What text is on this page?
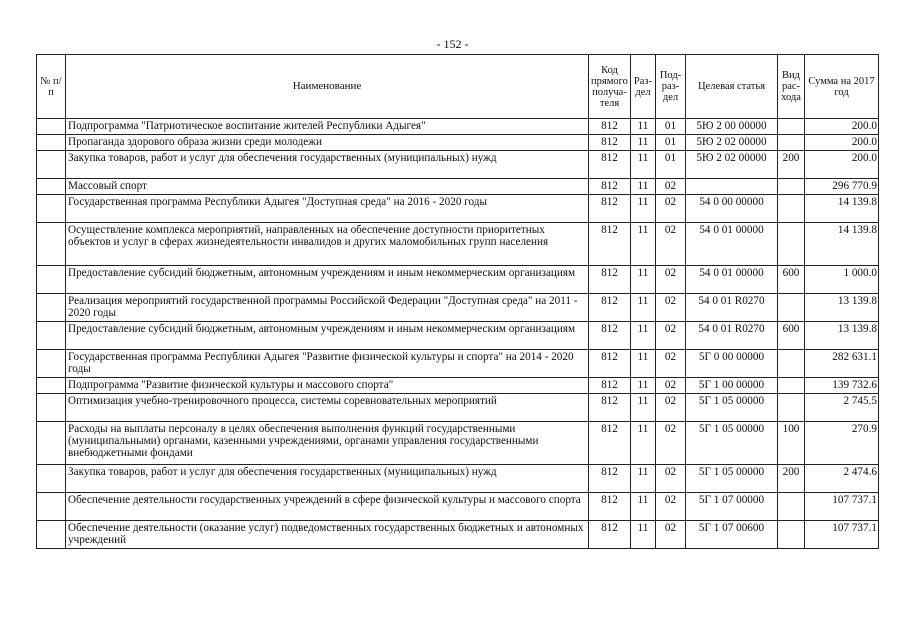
- 152 -
№ п/п	Наименование	Код прямого получа-теля	Раз-дел	Под-раз-дел	Целевая статья	Вид рас-хода	Сумма на 2017 год
	Подпрограмма "Патриотическое воспитание жителей Республики Адыгея"	812	11	01	5Ю 2 00 00000		200.0
	Пропаганда здорового образа жизни среди молодежи	812	11	01	5Ю 2 02 00000		200.0
	Закупка товаров, работ и услуг для обеспечения государственных (муниципальных) нужд	812	11	01	5Ю 2 02 00000	200	200.0
	Массовый спорт	812	11	02			296 770.9
	Государственная программа Республики Адыгея "Доступная среда" на 2016 - 2020 годы	812	11	02	54 0 00 00000		14 139.8
	Осуществление комплекса мероприятий, направленных на обеспечение доступности приоритетных объектов и услуг в сферах жизнедеятельности инвалидов и других маломобильных групп населения	812	11	02	54 0 01 00000		14 139.8
	Предоставление субсидий бюджетным, автономным учреждениям и иным некоммерческим организациям	812	11	02	54 0 01 00000	600	1 000.0
	Реализация мероприятий государственной программы Российской Федерации "Доступная среда" на 2011 - 2020 годы	812	11	02	54 0 01 R0270		13 139.8
	Предоставление субсидий бюджетным, автономным учреждениям и иным некоммерческим организациям	812	11	02	54 0 01 R0270	600	13 139.8
	Государственная программа Республики Адыгея "Развитие физической культуры и спорта" на 2014 - 2020 годы	812	11	02	5Г 0 00 00000		282 631.1
	Подпрограмма "Развитие физической культуры и массового спорта"	812	11	02	5Г 1 00 00000		139 732.6
	Оптимизация учебно-тренировочного процесса, системы соревновательных мероприятий	812	11	02	5Г 1 05 00000		2 745.5
	Расходы на выплаты персоналу в целях обеспечения выполнения функций государственными (муниципальными) органами, казенными учреждениями, органами управления государственными внебюджетными фондами	812	11	02	5Г 1 05 00000	100	270.9
	Закупка товаров, работ и услуг для обеспечения государственных (муниципальных) нужд	812	11	02	5Г 1 05 00000	200	2 474.6
	Обеспечение деятельности государственных учреждений в сфере физической культуры и массового спорта	812	11	02	5Г 1 07 00000		107 737.1
	Обеспечение деятельности (оказание услуг) подведомственных государственных бюджетных и автономных учреждений	812	11	02	5Г 1 07 00600		107 737.1
